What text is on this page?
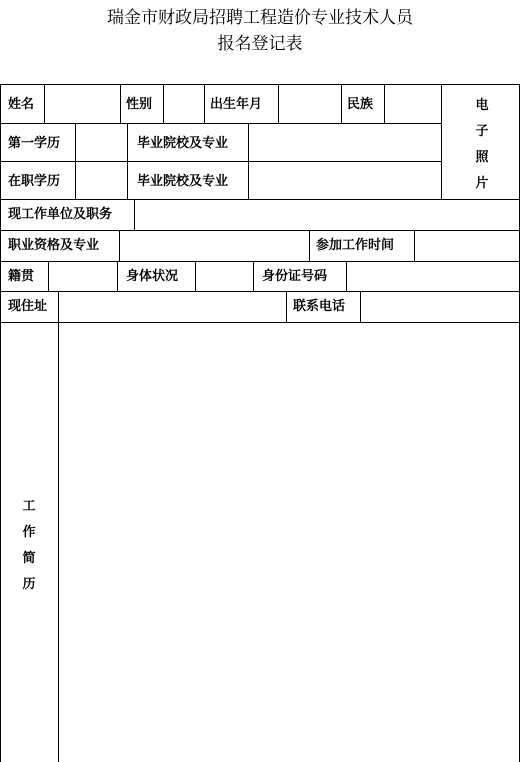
瑞金市财政局招聘工程造价专业技术人员
报名登记表
姓名	性别	出生年月	民族	电
子
照
片
第一学历	毕业院校及专业
在职学历	毕业院校及专业
现工作单位及职务
职业资格及专业	参加工作时间
籍贯	身体状况	身份证号码
现住址	联系电话
工
作
简
历
